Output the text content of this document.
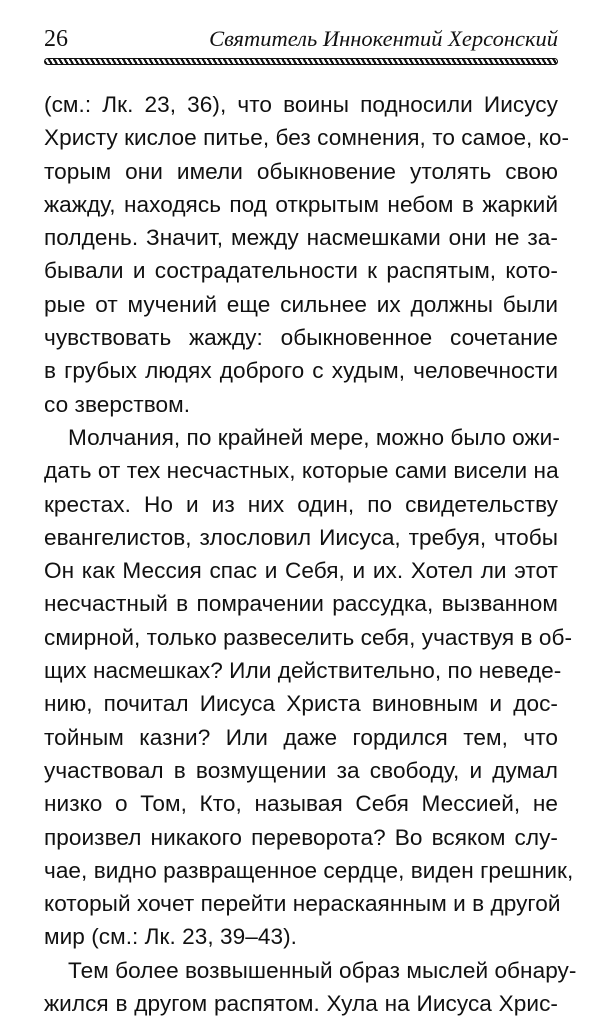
26	Святитель Иннокентий Херсонский
(см.: Лк. 23, 36), что воины подносили Иисусу
Христу кислое питье, без сомнения, то самое, ко-
торым они имели обыкновение утолять свою
жажду, находясь под открытым небом в жаркий
полдень. Значит, между насмешками они не за-
бывали и сострадательности к распятым, кото-
рые от мучений еще сильнее их должны были
чувствовать жажду: обыкновенное сочетание
в грубых людях доброго с худым, человечности
со зверством.
Молчания, по крайней мере, можно было ожи-
дать от тех несчастных, которые сами висели на
крестах. Но и из них один, по свидетельству
евангелистов, злословил Иисуса, требуя, чтобы
Он как Мессия спас и Себя, и их. Хотел ли этот
несчастный в помрачении рассудка, вызванном
смирной, только развеселить себя, участвуя в об-
щих насмешках? Или действительно, по неведе-
нию, почитал Иисуса Христа виновным и дос-
тойным казни? Или даже гордился тем, что
участвовал в возмущении за свободу, и думал
низко о Том, Кто, называя Себя Мессией, не
произвел никакого переворота? Во всяком слу-
чае, видно развращенное сердце, виден грешник,
который хочет перейти нераскаянным и в другой
мир (см.: Лк. 23, 39–43).
Тем более возвышенный образ мыслей обнару-
жился в другом распятом. Хула на Иисуса Хрис-
